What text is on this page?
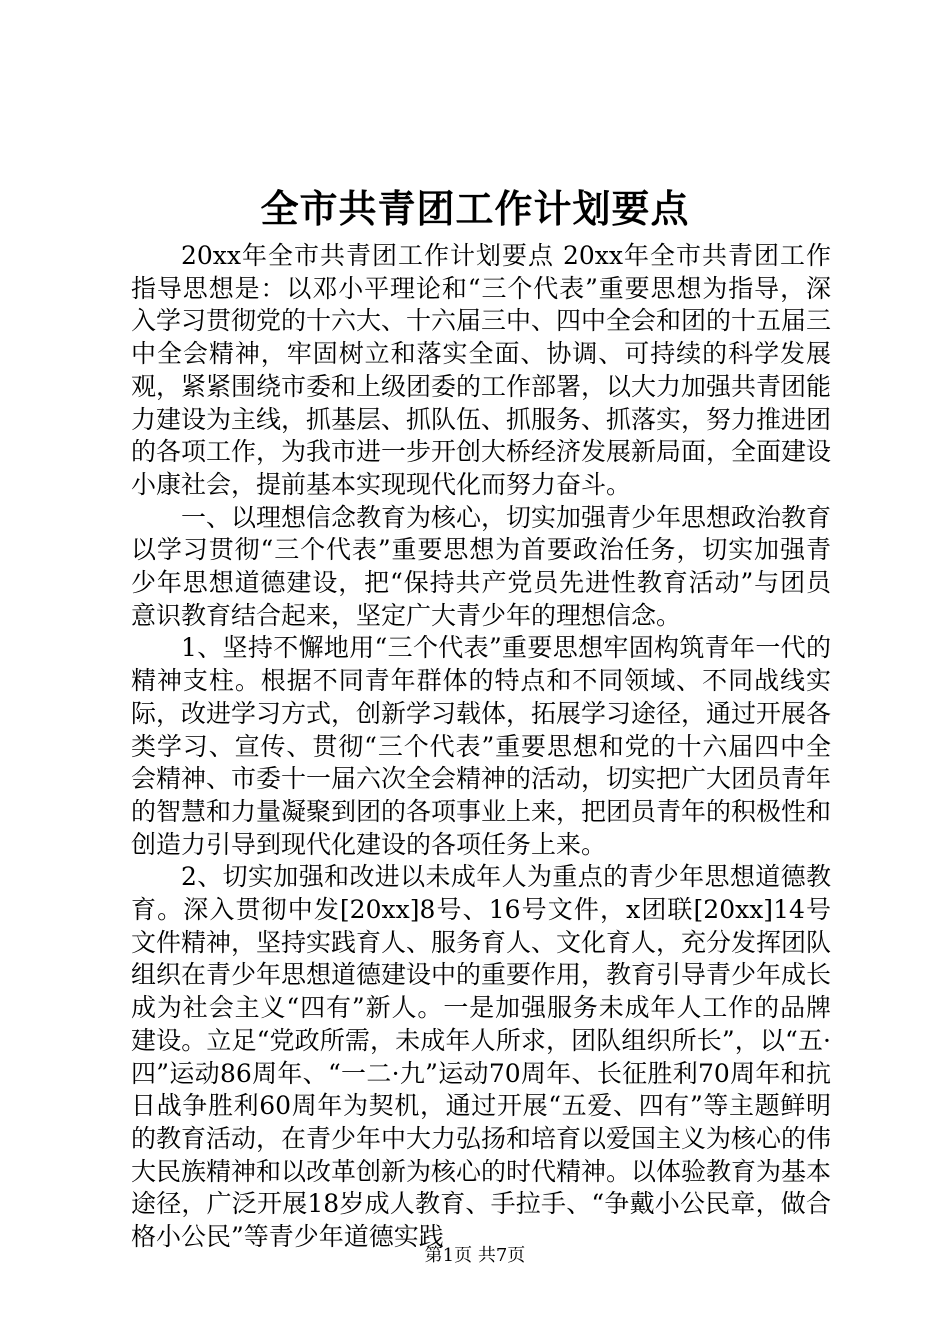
全市共青团工作计划要点

20xx年全市共青团工作计划要点 20xx年全市共青团工作指导思想是：以邓小平理论和“三个代表”重要思想为指导，深入学习贯彻党的十六大、十六届三中、四中全会和团的十五届三中全会精神，牢固树立和落实全面、协调、可持续的科学发展观，紧紧围绕市委和上级团委的工作部署，以大力加强共青团能力建设为主线，抓基层、抓队伍、抓服务、抓落实，努力推进团的各项工作，为我市进一步开创大桥经济发展新局面，全面建设小康社会，提前基本实现现代化而努力奋斗。

一、以理想信念教育为核心，切实加强青少年思想政治教育以学习贯彻“三个代表”重要思想为首要政治任务，切实加强青少年思想道德建设，把“保持共产党员先进性教育活动”与团员意识教育结合起来，坚定广大青少年的理想信念。

1、坚持不懈地用“三个代表”重要思想牢固构筑青年一代的精神支柱。根据不同青年群体的特点和不同领域、不同战线实际，改进学习方式，创新学习载体，拓展学习途径，通过开展各类学习、宣传、贯彻“三个代表”重要思想和党的十六届四中全会精神、市委十一届六次全会精神的活动，切实把广大团员青年的智慧和力量凝聚到团的各项事业上来，把团员青年的积极性和创造力引导到现代化建设的各项任务上来。

2、切实加强和改进以未成年人为重点的青少年思想道德教育。深入贯彻中发[20xx]8号、16号文件，x团联[20xx]14号文件精神，坚持实践育人、服务育人、文化育人，充分发挥团队组织在青少年思想道德建设中的重要作用，教育引导青少年成长成为社会主义“四有”新人。一是加强服务未成年人工作的品牌建设。立足“党政所需，未成年人所求，团队组织所长”，以“五·四”运动86周年、“一二·九”运动70周年、长征胜利70周年和抗日战争胜利60周年为契机，通过开展“五爱、四有”等主题鲜明的教育活动，在青少年中大力弘扬和培育以爱国主义为核心的伟大民族精神和以改革创新为核心的时代精神。以体验教育为基本途径，广泛开展18岁成人教育、手拉手、“争戴小公民章，做合格小公民”等青少年道德实践

第1页 共7页
